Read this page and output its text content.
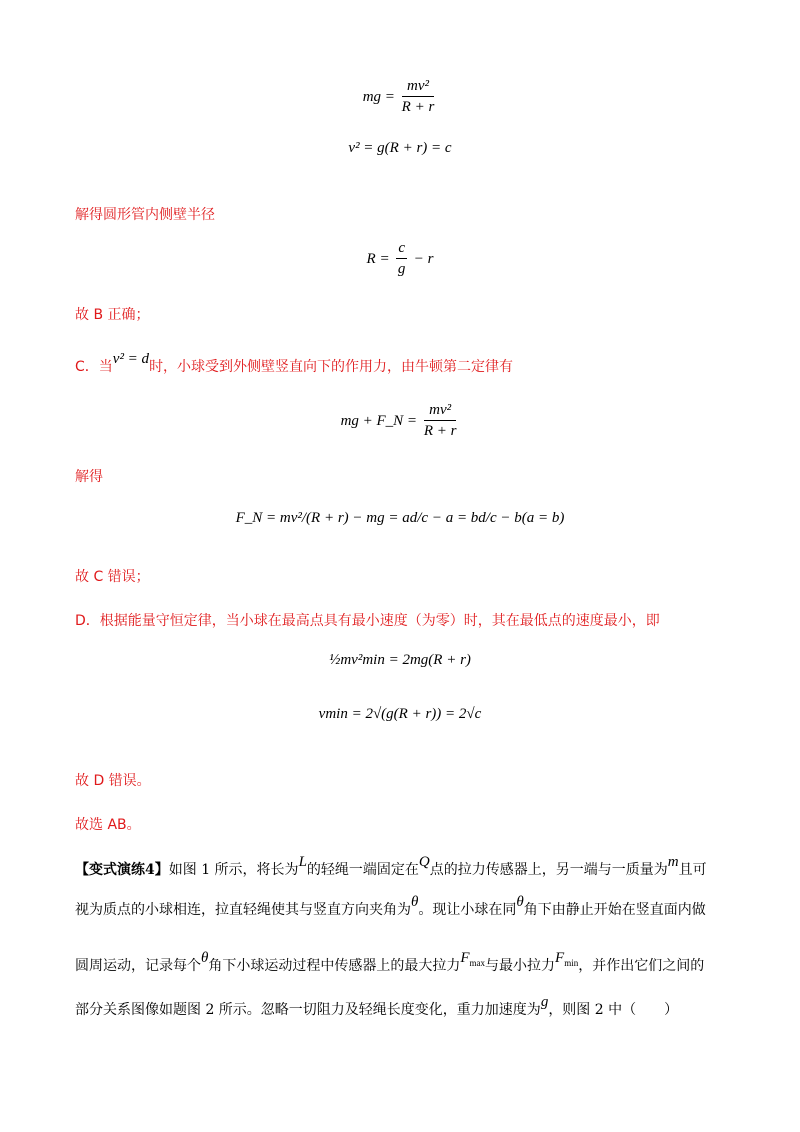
mg = $\frac{\text{mv²}}{R + r}$
v² = g(R + r) = c
解得圆形管内侧壁半径
$R = \frac{c}{g} - r$
故 B 正确；
C．当v² = d时，小球受到外侧壁竖直向下的作用力，由牛顿第二定律有
mg + F_N = $\frac{\text{mv²}}{R + r}$
解得
F_N = mv²/(R + r) − mg = ad/c − a = bd/c − b(a = b)
故 C 错误；
D．根据能量守恒定律，当小球在最高点具有最小速度（为零）时，其在最低点的速度最小，即
½mv²min = 2mg(R + r)
vmin = 2√(g(R + r)) = 2√c
故 D 错误。
故选 AB。
【变式演练4】如图 1 所示，将长为L的轻绳一端固定在Q点的拉力传感器上，另一端与一质量为m且可
视为质点的小球相连，拉直轻绳使其与竖直方向夹角为θ。现让小球在同θ角下由静止开始在竖直面内做
圆周运动，记录每个θ角下小球运动过程中传感器上的最大拉力$F_{max}$与最小拉力$F_{min}$，并作出它们之间的
部分关系图像如题图 2 所示。忽略一切阻力及轻绳长度变化，重力加速度为g，则图 2 中（　　）
